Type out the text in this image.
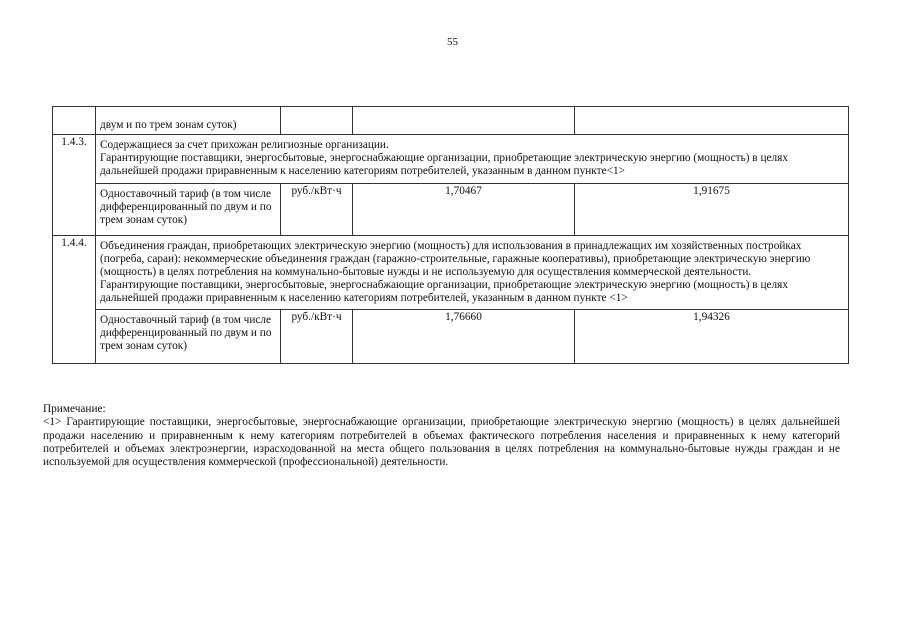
55
	двум и по трем зонам суток)			
1.4.3.	Содержащиеся за счет прихожан религиозные организации.
Гарантирующие поставщики, энергосбытовые, энергоснабжающие организации, приобретающие электрическую энергию (мощность) в целях дальнейшей продажи приравненным к населению категориям потребителей, указанным в данном пункте<1>			

	Одноставочный тариф (в том числе дифференцированный по двум и по трем зонам суток)	руб./кВт·ч	1,70467	1,91675
1.4.4.	Объединения граждан, приобретающих электрическую энергию (мощность) для использования в принадлежащих им хозяйственных постройках (погреба, сараи): некоммерческие объединения граждан (гаражно-строительные, гаражные кооперативы), приобретающие электрическую энергию (мощность) в целях потребления на коммунально-бытовые нужды и не используемую для осуществления коммерческой деятельности.
Гарантирующие поставщики, энергосбытовые, энергоснабжающие организации, приобретающие электрическую энергию (мощность) в целях дальнейшей продажи приравненным к населению категориям потребителей, указанным в данном пункте <1>			

	Одноставочный тариф (в том числе дифференцированный по двум и по трем зонам суток)	руб./кВт·ч	1,76660	1,94326

Примечание:

<1> Гарантирующие поставщики, энергосбытовые, энергоснабжающие организации, приобретающие электрическую энергию (мощность) в целях дальнейшей продажи населению и приравненным к нему категориям потребителей в объемах фактического потребления населения и приравненных к нему категорий потребителей и объемах электроэнергии, израсходованной на места общего пользования в целях потребления на коммунально-бытовые нужды граждан и не используемой для осуществления коммерческой (профессиональной) деятельности.
